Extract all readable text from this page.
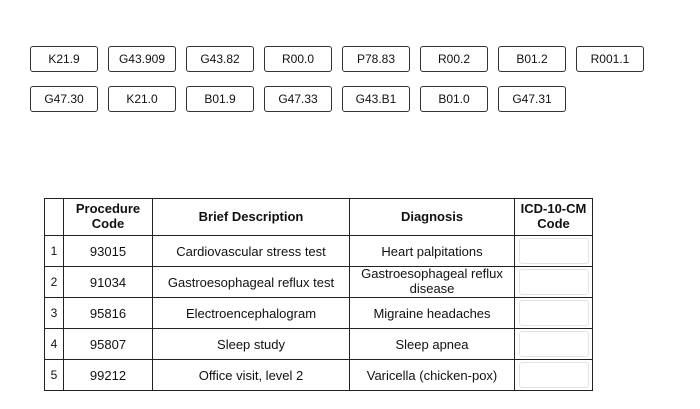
K21.9	G43.909	G43.82	R00.0	P78.83	R00.2	B01.2	R001.1
G47.30	K21.0	B01.9	G47.33	G43.B1	B01.0	G47.31

	Procedure Code	Brief Description	Diagnosis	ICD-10-CM Code

1	93015	Cardiovascular stress test	Heart palpitations	

2	91034	Gastroesophageal reflux test	Gastroesophageal reflux disease	

3	95816	Electroencephalogram	Migraine headaches	

4	95807	Sleep study	Sleep apnea	

5	99212	Office visit, level 2	Varicella (chicken-pox)	
